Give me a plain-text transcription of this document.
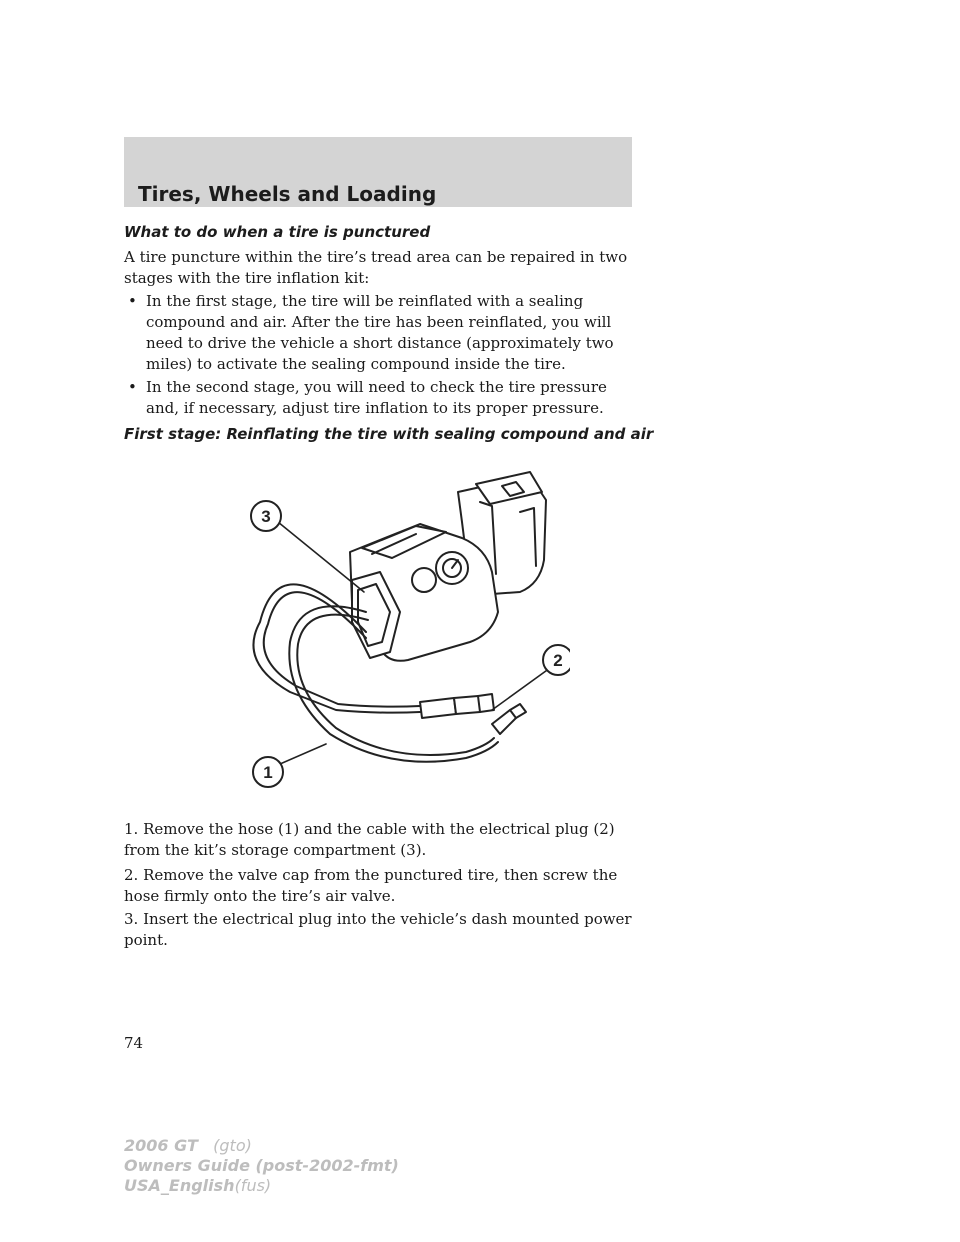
Tires, Wheels and Loading
What to do when a tire is punctured

A tire puncture within the tire’s tread area can be repaired in two stages with the tire inflation kit:

• In the first stage, the tire will be reinflated with a sealing compound and air. After the tire has been reinflated, you will need to drive the vehicle a short distance (approximately two miles) to activate the sealing compound inside the tire.
• In the second stage, you will need to check the tire pressure and, if necessary, adjust tire inflation to its proper pressure.
First stage: Reinflating the tire with sealing compound and air
3
2
1

1. Remove the hose (1) and the cable with the electrical plug (2) from the kit’s storage compartment (3).

2. Remove the valve cap from the punctured tire, then screw the hose firmly onto the tire’s air valve.

3. Insert the electrical plug into the vehicle’s dash mounted power point.

74
2006 GT (gto)
Owners Guide (post-2002-fmt)
USA_English(fus)
